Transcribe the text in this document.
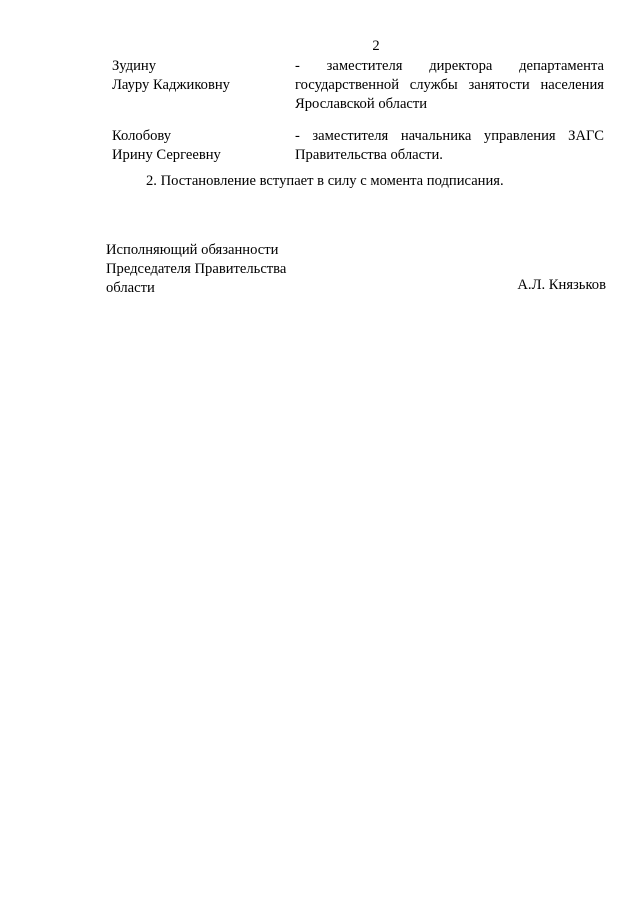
2
Зудину
Лауру Каджиковну
- заместителя директора департамента
государственной службы занятости населения
Ярославской области
Колобову
Ирину Сергеевну
- заместителя начальника управления ЗАГС
Правительства области.
2. Постановление вступает в силу с момента подписания.
Исполняющий обязанности
Председателя Правительства
области	А.Л. Князьков
